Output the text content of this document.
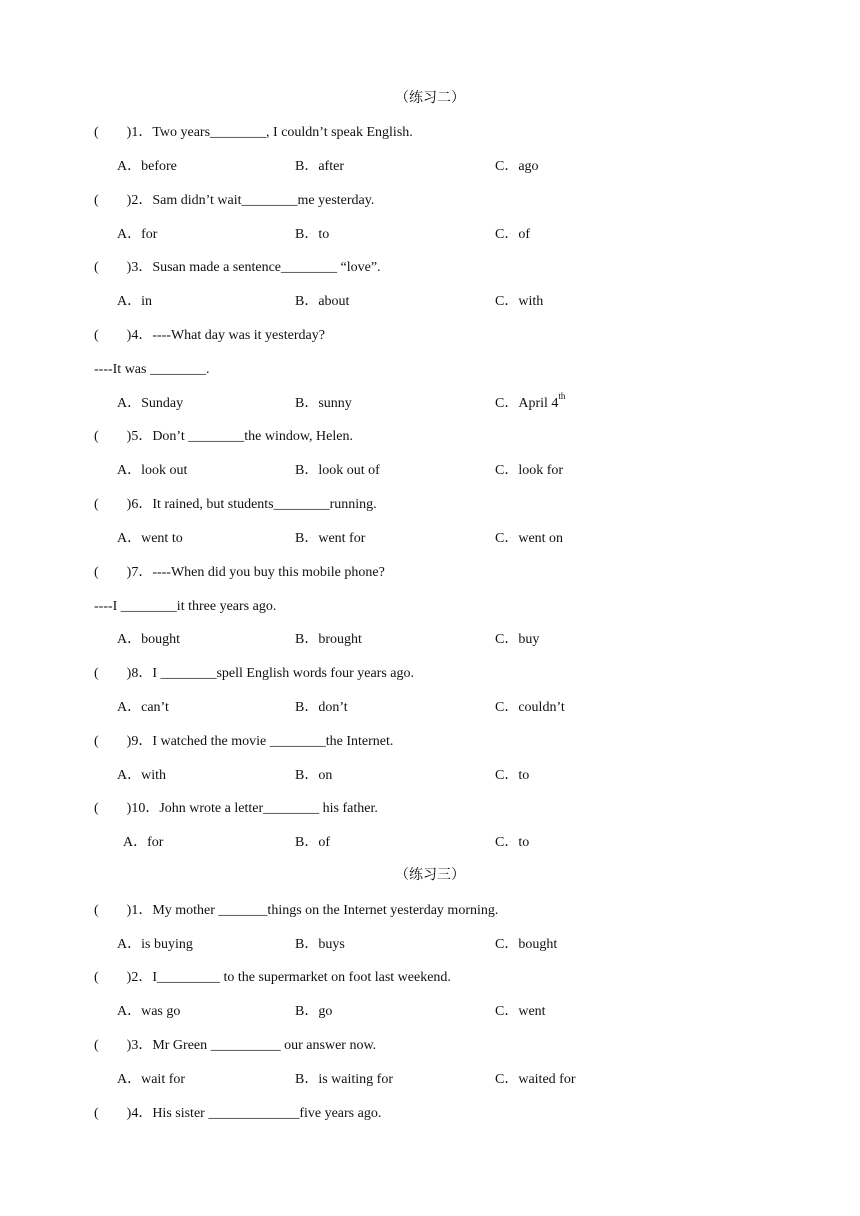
（练习二）
(        )1．Two years________, I couldn’t speak English.
A．before	B．after	C．ago
(        )2．Sam didn’t wait________me yesterday.
A．for	B．to	C．of
(        )3．Susan made a sentence________ “love”.
A．in	B．about	C．with
(        )4．----What day was it yesterday?
----It was ________.
A．Sunday	B．sunny	C．April 4th
(        )5．Don’t ________the window, Helen.
A．look out	B．look out of	C．look for
(        )6．It rained, but students________running.
A．went to	B．went for	C．went on
(        )7．----When did you buy this mobile phone?
----I ________it three years ago.
A．bought	B．brought	C．buy
(        )8．I ________spell English words four years ago.
A．can’t	B．don’t	C．couldn’t
(        )9．I watched the movie ________the Internet.
A．with	B．on	C．to
(        )10．John wrote a letter________ his father.
A．for	B．of	C．to
（练习三）
(        )1．My mother _______things on the Internet yesterday morning.
A．is buying	B．buys	C．bought
(        )2．I_________ to the supermarket on foot last weekend.
A．was go	B．go	C．went
(        )3．Mr Green __________ our answer now.
A．wait for	B．is waiting for	C．waited for
(        )4．His sister _____________five years ago.
